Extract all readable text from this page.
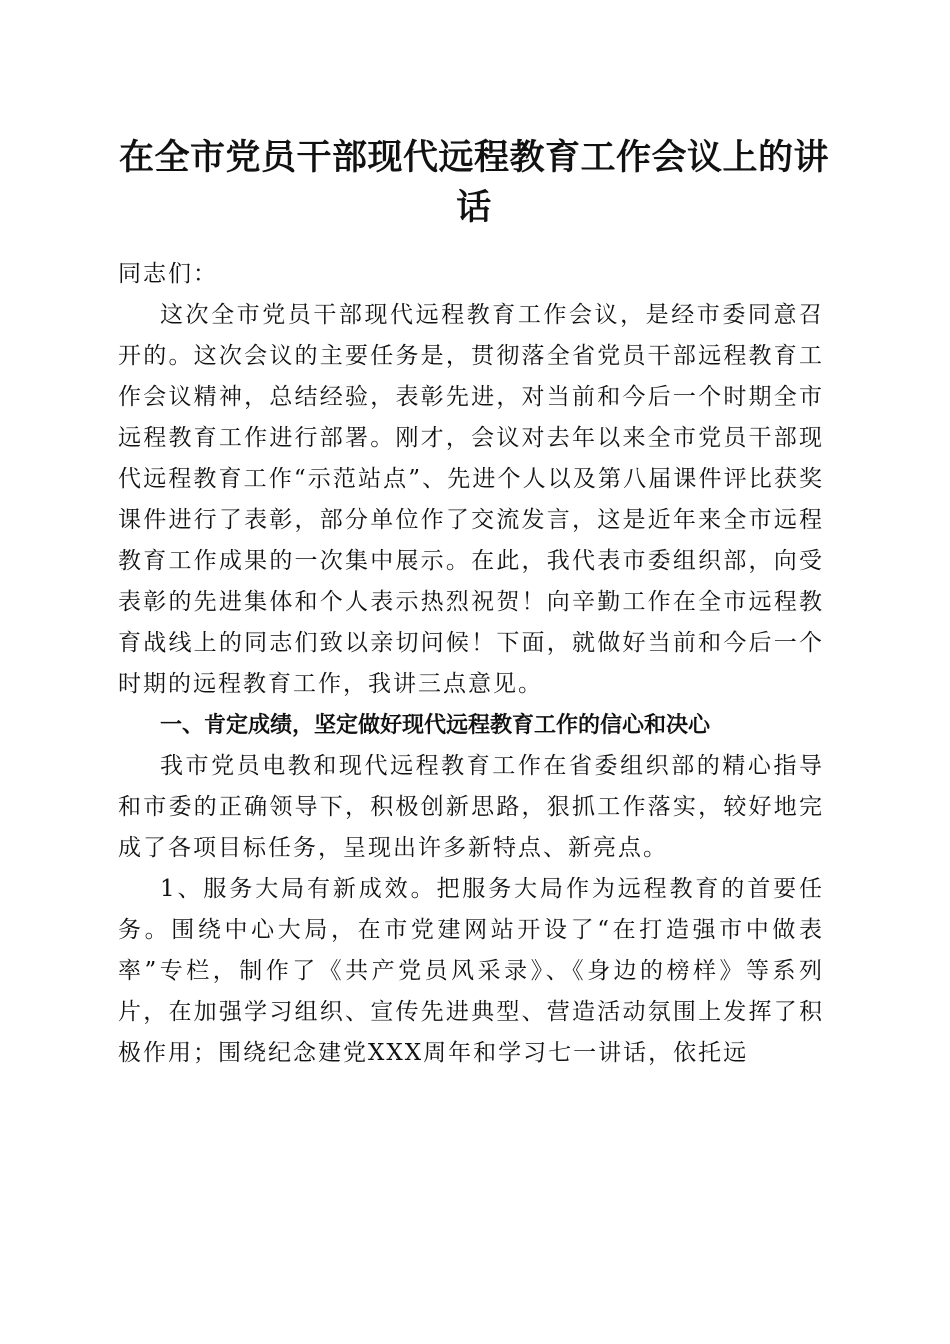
在全市党员干部现代远程教育工作会议上的讲话

同志们：

这次全市党员干部现代远程教育工作会议，是经市委同意召开的。这次会议的主要任务是，贯彻落全省党员干部远程教育工作会议精神，总结经验，表彰先进，对当前和今后一个时期全市远程教育工作进行部署。刚才，会议对去年以来全市党员干部现代远程教育工作“示范站点”、先进个人以及第八届课件评比获奖课件进行了表彰，部分单位作了交流发言，这是近年来全市远程教育工作成果的一次集中展示。在此，我代表市委组织部，向受表彰的先进集体和个人表示热烈祝贺！向辛勤工作在全市远程教育战线上的同志们致以亲切问候！下面，就做好当前和今后一个时期的远程教育工作，我讲三点意见。

一、肯定成绩，坚定做好现代远程教育工作的信心和决心

我市党员电教和现代远程教育工作在省委组织部的精心指导和市委的正确领导下，积极创新思路，狠抓工作落实，较好地完成了各项目标任务，呈现出许多新特点、新亮点。

1、服务大局有新成效。把服务大局作为远程教育的首要任务。围绕中心大局，在市党建网站开设了“在打造强市中做表率”专栏，制作了《共产党员风采录》、《身边的榜样》等系列片，在加强学习组织、宣传先进典型、营造活动氛围上发挥了积极作用；围绕纪念建党XXX周年和学习七一讲话，依托远
